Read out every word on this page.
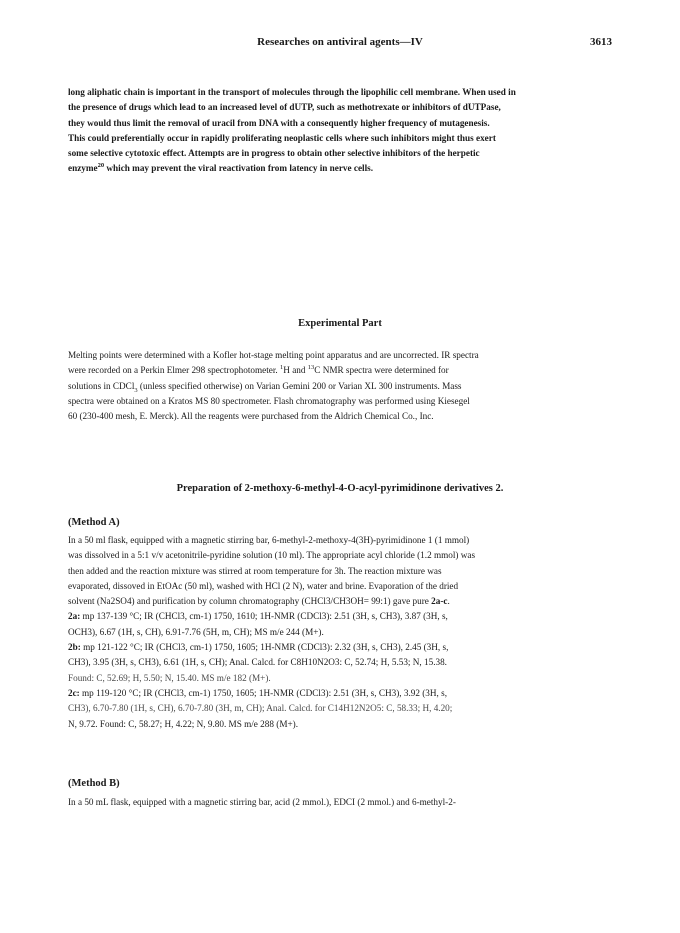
Researches on antiviral agents—IV	3613
long aliphatic chain is important in the transport of molecules through the lipophilic cell membrane. When used in
the presence of drugs which lead to an increased level of dUTP, such as methotrexate or inhibitors of dUTPase,
they would thus limit the removal of uracil from DNA with a consequently higher frequency of mutagenesis.
This could preferentially occur in rapidly proliferating neoplastic cells where such inhibitors might thus exert
some selective cytotoxic effect. Attempts are in progress to obtain other selective inhibitors of the herpetic
enzyme$^{20}$ which may prevent the viral reactivation from latency in nerve cells.
Experimental Part
Melting points were determined with a Kofler hot-stage melting point apparatus and are uncorrected. IR spectra
were recorded on a Perkin Elmer 298 spectrophotometer. $^1$H and $^{13}$C NMR spectra were determined for
solutions in CDCl$_3$ (unless specified otherwise) on Varian Gemini 200 or Varian XL 300 instruments. Mass
spectra were obtained on a Kratos MS 80 spectrometer. Flash chromatography was performed using Kiesegel
60 (230-400 mesh, E. Merck). All the reagents were purchased from the Aldrich Chemical Co., Inc.
Preparation of 2-methoxy-6-methyl-4-O-acyl-pyrimidinone derivatives 2.
(Method A)
In a 50 ml flask, equipped with a magnetic stirring bar, 6-methyl-2-methoxy-4(3H)-pyrimidinone 1 (1 mmol)
was dissolved in a 5:1 v/v acetonitrile-pyridine solution (10 ml). The appropriate acyl chloride (1.2 mmol) was
then added and the reaction mixture was stirred at room temperature for 3h. The reaction mixture was
evaporated, dissoved in EtOAc (50 ml), washed with HCl (2 N), water and brine. Evaporation of the dried
solvent (Na2SO4) and purification by column chromatography (CHCl3/CH3OH= 99:1) gave pure 2a-c.
2a: mp 137-139 °C; IR (CHCl3, cm-1) 1750, 1610; 1H-NMR (CDCl3): 2.51 (3H, s, CH3), 3.87 (3H, s,
OCH3), 6.67 (1H, s, CH), 6.91-7.76 (5H, m, CH); MS m/e 244 (M+).
2b: mp 121-122 °C; IR (CHCl3, cm-1) 1750, 1605; 1H-NMR (CDCl3): 2.32 (3H, s, CH3), 2.45 (3H, s,
CH3), 3.95 (3H, s, CH3), 6.61 (1H, s, CH); Anal. Calcd. for C8H10N2O3: C, 52.74; H, 5.53; N, 15.38.
Found: C, 52.69; H, 5.50; N, 15.40. MS m/e 182 (M+).
2c: mp 119-120 °C; IR (CHCl3, cm-1) 1750, 1605; 1H-NMR (CDCl3): 2.51 (3H, s, CH3), 3.92 (3H, s,
CH3), 6.70-7.80 (1H, s, CH), 6.70-7.80 (3H, m, CH); Anal. Calcd. for C14H12N2O5: C, 58.33; H, 4.20;
N, 9.72. Found: C, 58.27; H, 4.22; N, 9.80. MS m/e 288 (M+).
(Method B)
In a 50 mL flask, equipped with a magnetic stirring bar, acid (2 mmol.), EDCI (2 mmol.) and 6-methyl-2-
